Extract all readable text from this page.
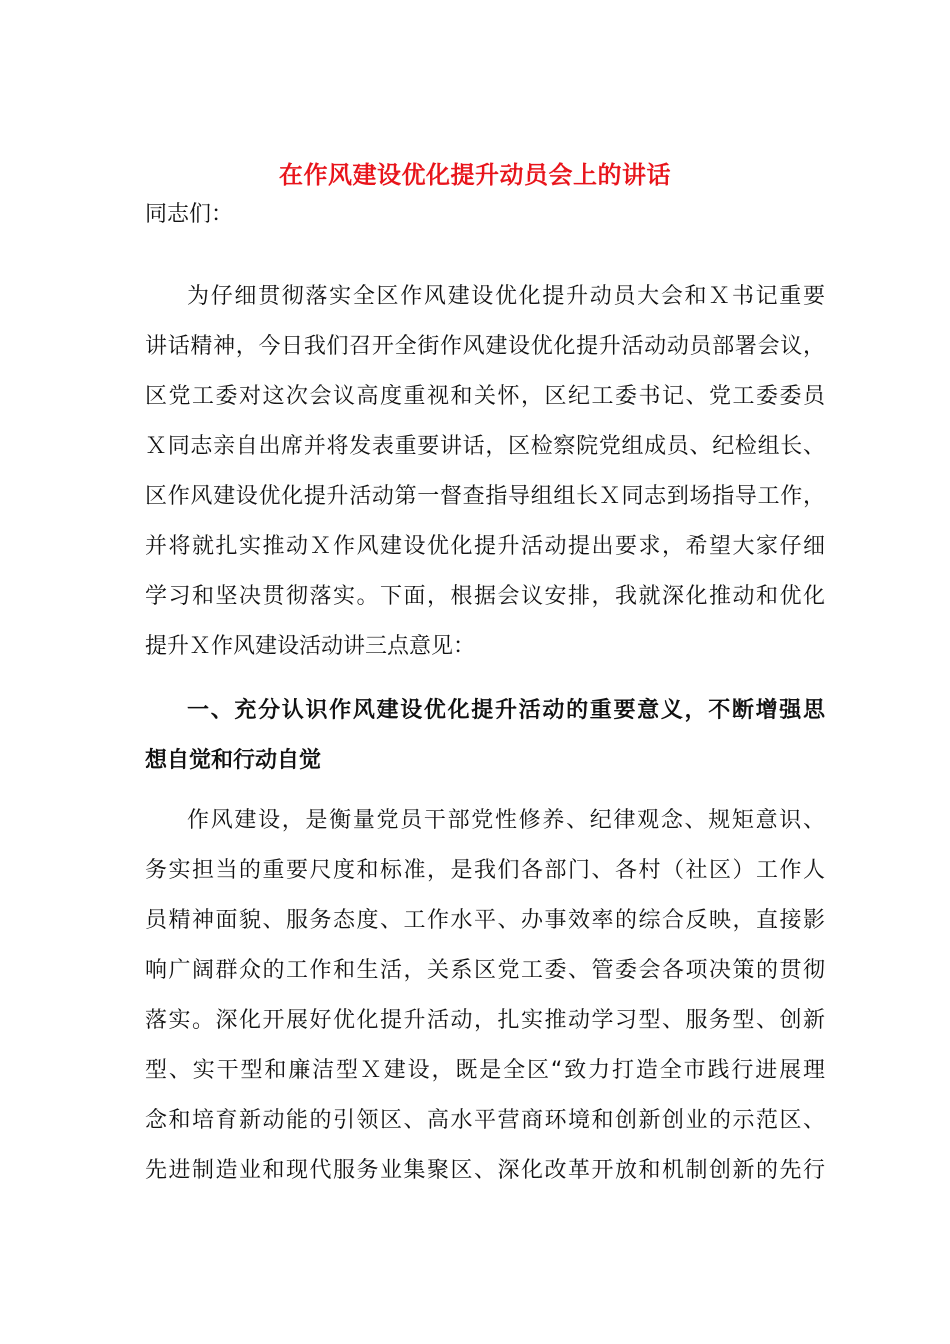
在作风建设优化提升动员会上的讲话
同志们：
为仔细贯彻落实全区作风建设优化提升动员大会和Ｘ书记重要
讲话精神，今日我们召开全街作风建设优化提升活动动员部署会议，
区党工委对这次会议高度重视和关怀，区纪工委书记、党工委委员
Ｘ同志亲自出席并将发表重要讲话，区检察院党组成员、纪检组长、
区作风建设优化提升活动第一督查指导组组长Ｘ同志到场指导工作，
并将就扎实推动Ｘ作风建设优化提升活动提出要求，希望大家仔细
学习和坚决贯彻落实。下面，根据会议安排，我就深化推动和优化
提升Ｘ作风建设活动讲三点意见：
一、充分认识作风建设优化提升活动的重要意义，不断增强思
想自觉和行动自觉
作风建设，是衡量党员干部党性修养、纪律观念、规矩意识、
务实担当的重要尺度和标准，是我们各部门、各村（社区）工作人
员精神面貌、服务态度、工作水平、办事效率的综合反映，直接影
响广阔群众的工作和生活，关系区党工委、管委会各项决策的贯彻
落实。深化开展好优化提升活动，扎实推动学习型、服务型、创新
型、实干型和廉洁型Ｘ建设，既是全区“致力打造全市践行进展理
念和培育新动能的引领区、高水平营商环境和创新创业的示范区、
先进制造业和现代服务业集聚区、深化改革开放和机制创新的先行
